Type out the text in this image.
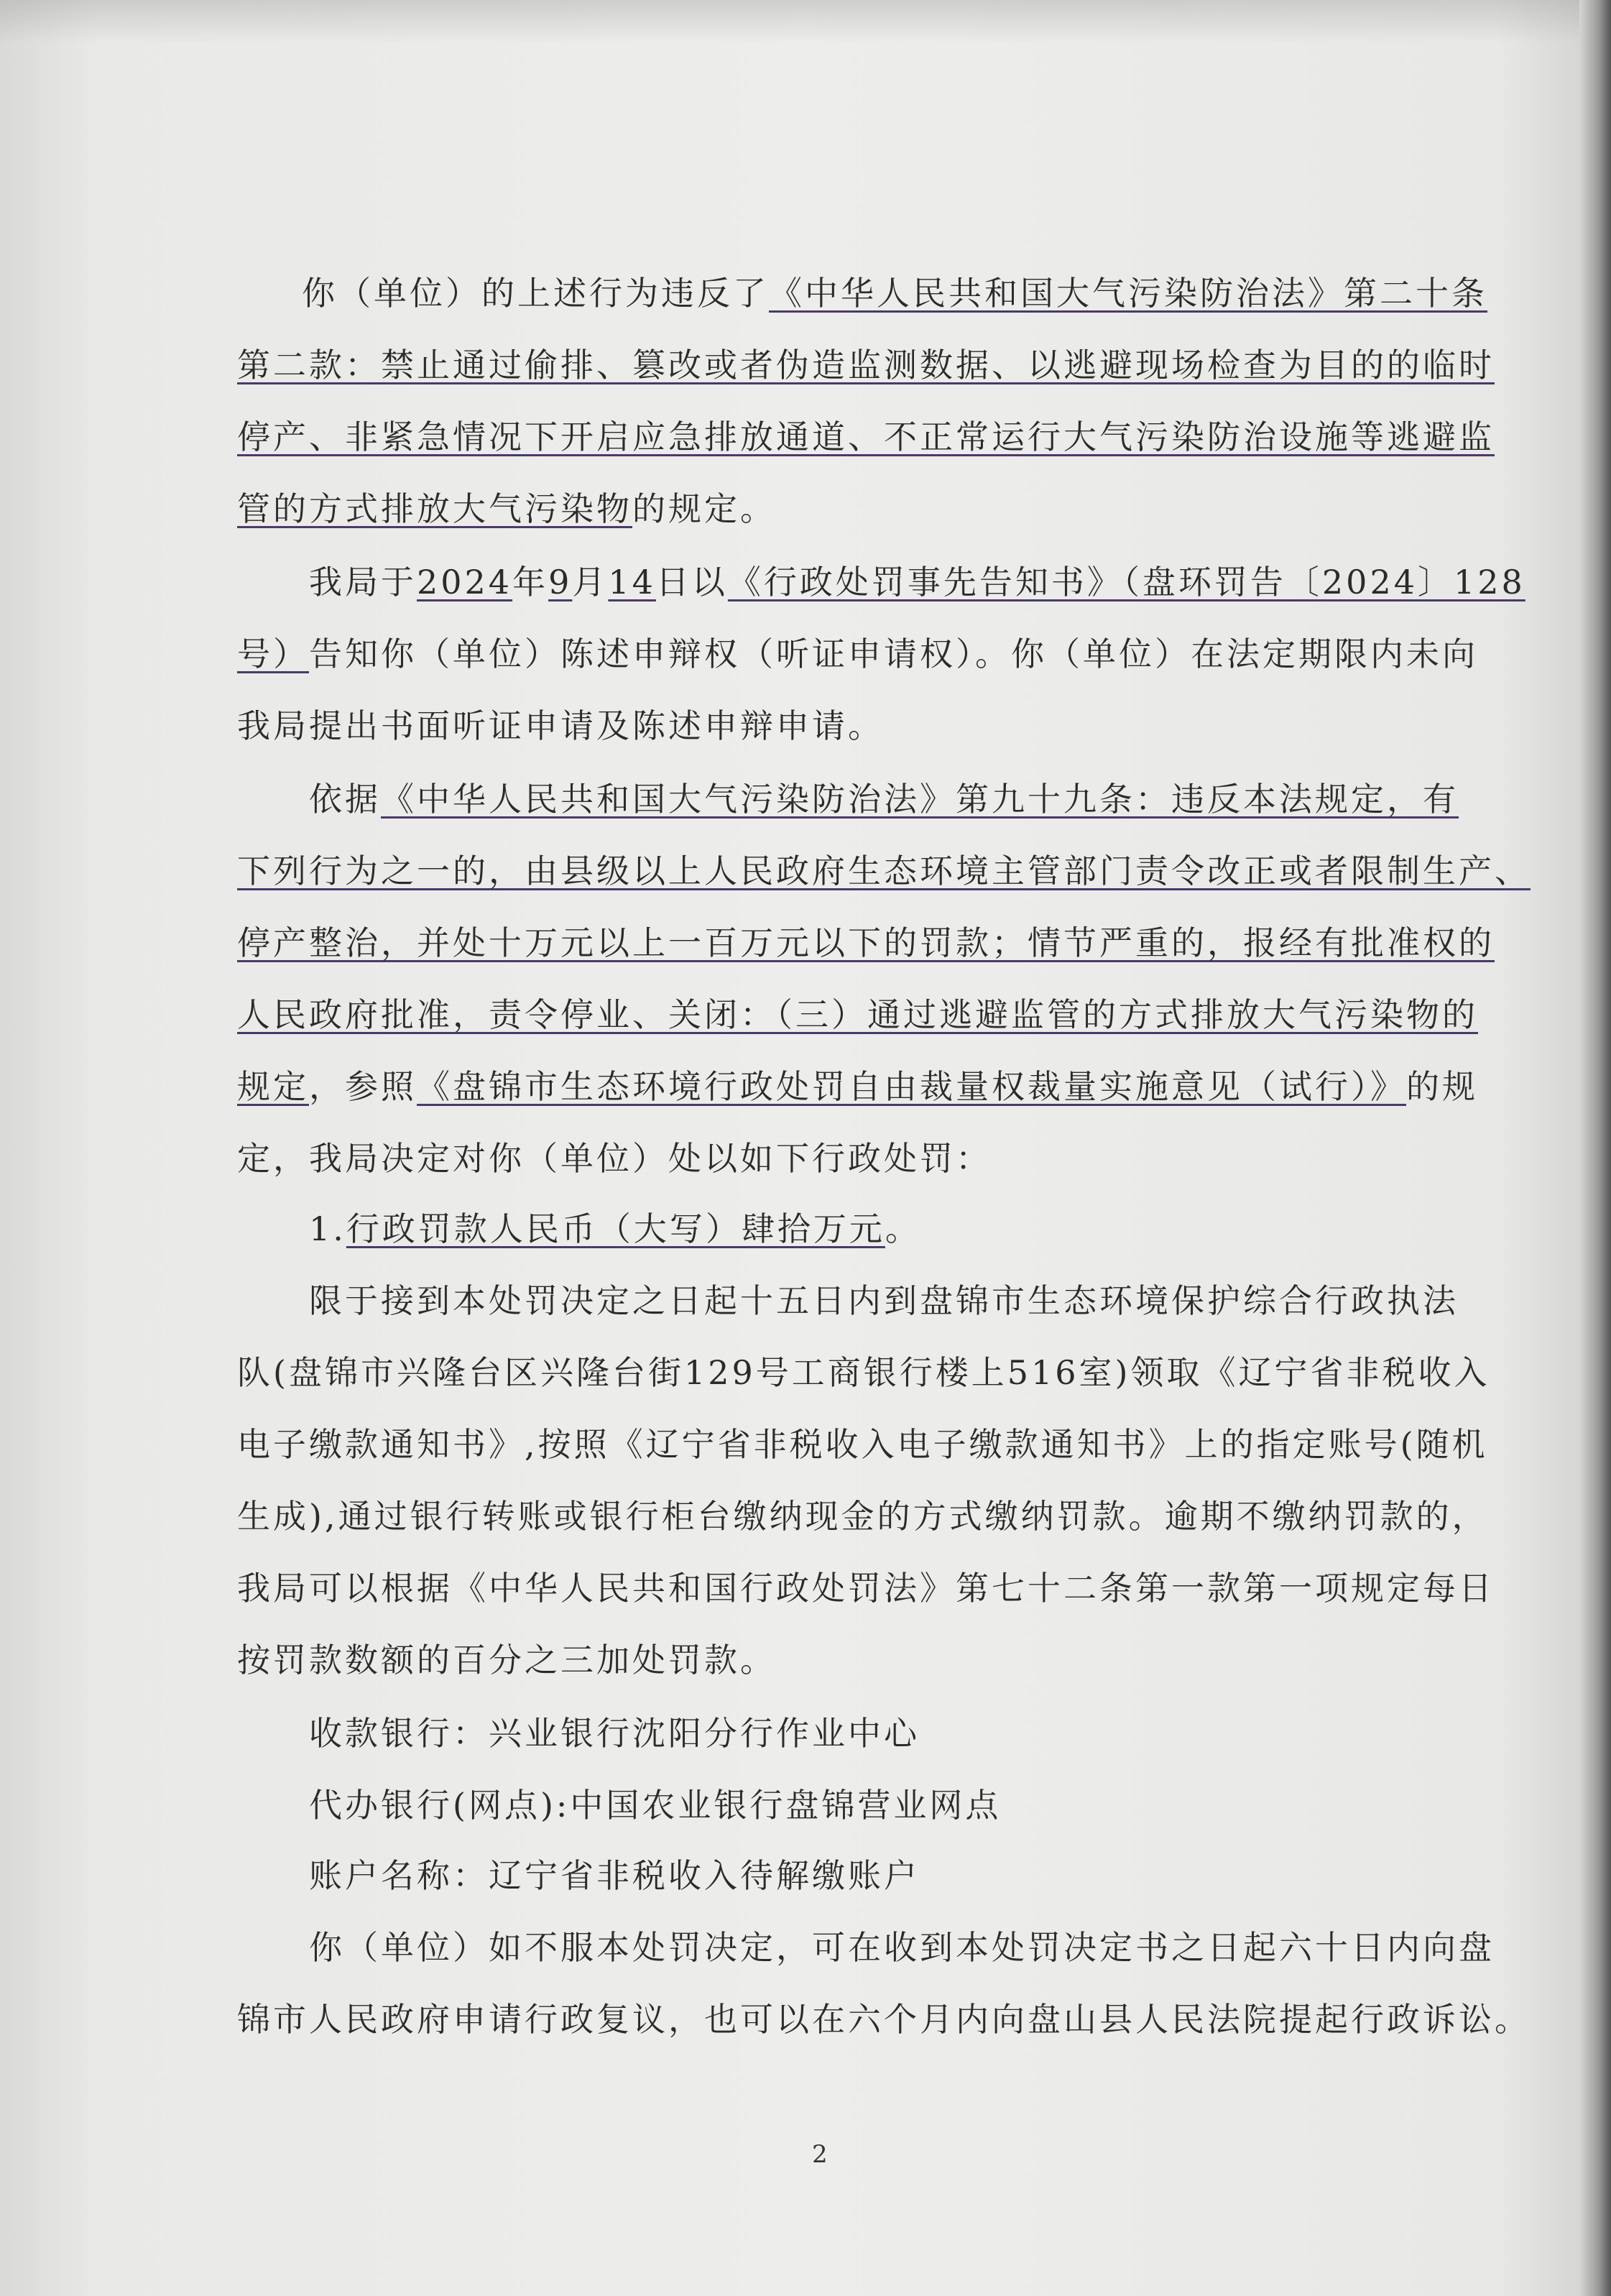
你（单位）的上述行为违反了《中华人民共和国大气污染防治法》第二十条
第二款：禁止通过偷排、篡改或者伪造监测数据、以逃避现场检查为目的的临时
停产、非紧急情况下开启应急排放通道、不正常运行大气污染防治设施等逃避监
管的方式排放大气污染物的规定。
我局于2024年9月14日以《行政处罚事先告知书》（盘环罚告〔2024〕128
号）告知你（单位）陈述申辩权（听证申请权）。你（单位）在法定期限内未向
我局提出书面听证申请及陈述申辩申请。
依据《中华人民共和国大气污染防治法》第九十九条：违反本法规定，有
下列行为之一的，由县级以上人民政府生态环境主管部门责令改正或者限制生产、
停产整治，并处十万元以上一百万元以下的罚款；情节严重的，报经有批准权的
人民政府批准，责令停业、关闭：（三）通过逃避监管的方式排放大气污染物的
规定，参照《盘锦市生态环境行政处罚自由裁量权裁量实施意见（试行）》的规
定，我局决定对你（单位）处以如下行政处罚：
1.行政罚款人民币（大写）肆拾万元。
限于接到本处罚决定之日起十五日内到盘锦市生态环境保护综合行政执法
队(盘锦市兴隆台区兴隆台街129号工商银行楼上516室)领取《辽宁省非税收入
电子缴款通知书》,按照《辽宁省非税收入电子缴款通知书》上的指定账号(随机
生成),通过银行转账或银行柜台缴纳现金的方式缴纳罚款。逾期不缴纳罚款的，
我局可以根据《中华人民共和国行政处罚法》第七十二条第一款第一项规定每日
按罚款数额的百分之三加处罚款。
收款银行：兴业银行沈阳分行作业中心
代办银行(网点):中国农业银行盘锦营业网点
账户名称：辽宁省非税收入待解缴账户
你（单位）如不服本处罚决定，可在收到本处罚决定书之日起六十日内向盘
锦市人民政府申请行政复议，也可以在六个月内向盘山县人民法院提起行政诉讼。
2
